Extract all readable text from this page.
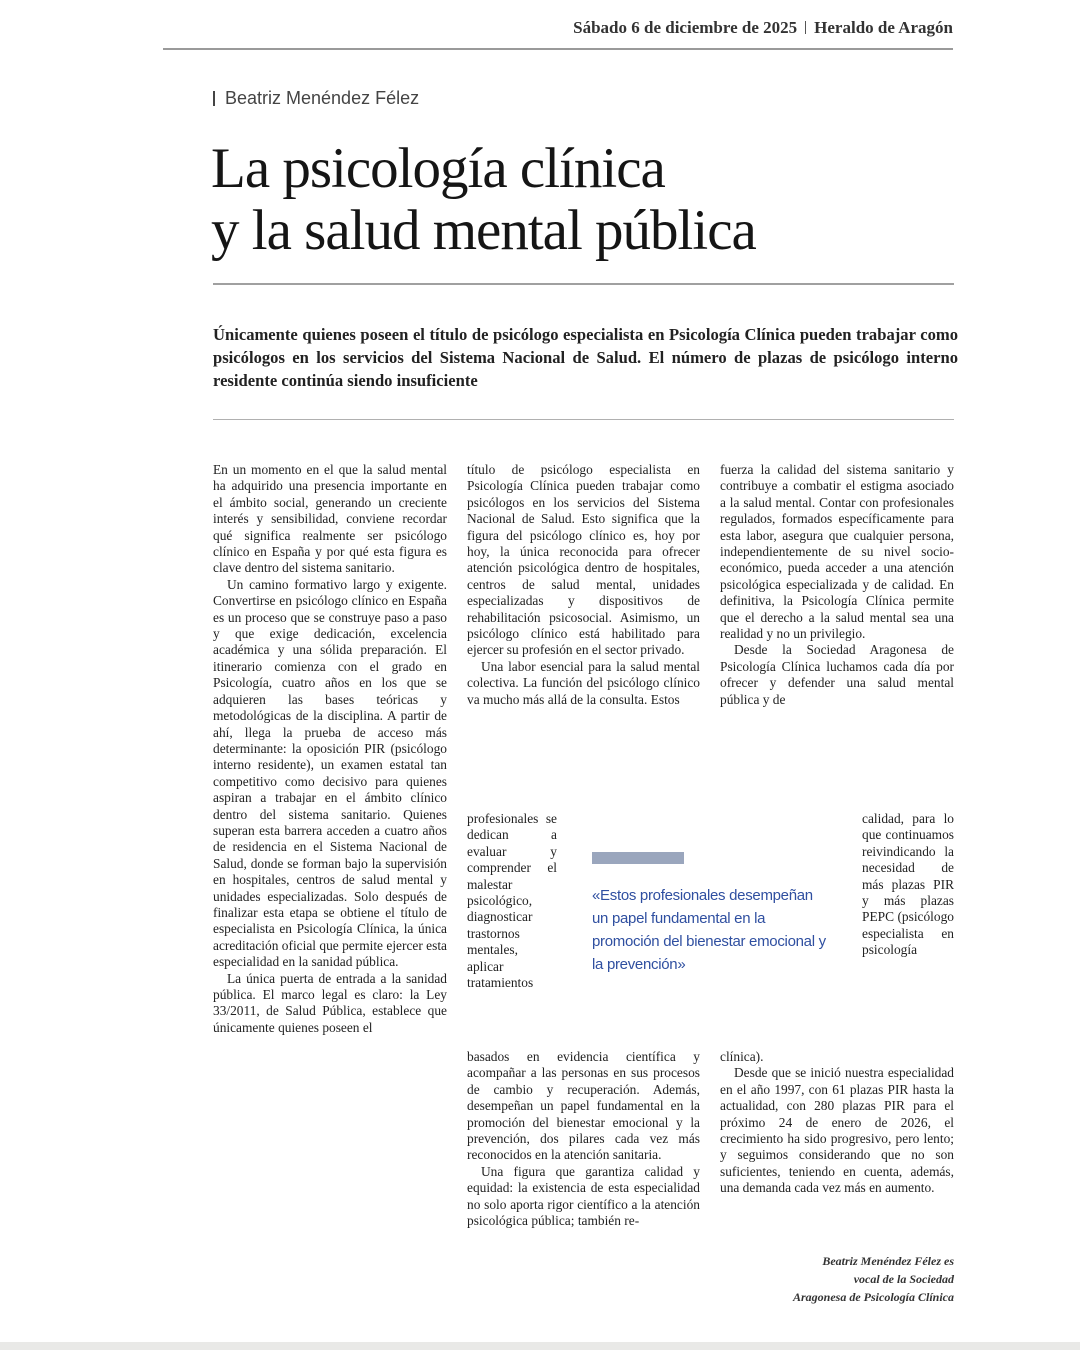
Sábado 6 de diciembre de 2025 Heraldo de Aragón
Beatriz Menéndez Félez
La psicología clínica
y la salud mental pública
Únicamente quienes poseen el título de psicólogo especialista en Psicología Clínica pueden trabajar como psicólogos en los servicios del Sistema Nacional de Salud. El número de plazas de psicólogo interno residente continúa siendo insuficiente

En un momento en el que la salud mental ha adquirido una presencia importante en el ámbito social, generando un creciente interés y sensibilidad, conviene recordar qué significa realmente ser psicólogo clínico en España y por qué esta figura es clave dentro del sistema sanitario.

Un camino formativo largo y exigente. Convertirse en psicólogo clínico en España es un proceso que se construye paso a paso y que exige dedicación, excelencia académica y una sólida preparación. El itinerario comienza con el grado en Psicología, cuatro años en los que se adquieren las bases teóricas y metodológicas de la disciplina. A partir de ahí, llega la prueba de acceso más determinante: la oposición PIR (psicólogo interno residente), un examen estatal tan competitivo como decisivo para quienes aspiran a trabajar en el ámbito clínico dentro del sistema sanitario. Quienes superan esta barrera acceden a cuatro años de residencia en el Sistema Nacional de Salud, donde se forman bajo la supervisión en hospitales, centros de salud mental y unidades especializadas. Solo después de finalizar esta etapa se obtiene el título de especialista en Psicología Clínica, la única acreditación oficial que permite ejercer esta especialidad en la sanidad pública.

La única puerta de entrada a la sanidad pública. El marco legal es claro: la Ley 33/2011, de Salud Pública, establece que únicamente quienes poseen el

título de psicólogo especialista en Psicología Clínica pueden trabajar como psicólogos en los servicios del Sistema Nacional de Salud. Esto significa que la figura del psicólogo clínico es, hoy por hoy, la única reconocida para ofrecer atención psicológica dentro de hospitales, centros de salud mental, unidades especializadas y dispositivos de rehabilitación psicosocial. Asimismo, un psicólogo clínico está habilitado para ejercer su profesión en el sector privado.

Una labor esencial para la salud mental colectiva. La función del psicólogo clínico va mucho más allá de la consulta. Estos

profesionales se dedican a evaluar y comprender el malestar psicológico, diagnosticar trastornos mentales, aplicar tratamientos
«Estos profesionales desempeñan un papel fundamental en la promoción del bienestar emocional y la prevención»

basados en evidencia científica y acompañar a las personas en sus procesos de cambio y recuperación. Además, desempeñan un papel fundamental en la promoción del bienestar emocional y la prevención, dos pilares cada vez más reconocidos en la atención sanitaria.

Una figura que garantiza calidad y equidad: la existencia de esta especialidad no solo aporta rigor científico a la atención psicológica pública; también re-

fuerza la calidad del sistema sanitario y contribuye a combatir el estigma asociado a la salud mental. Contar con profesionales regulados, formados específicamente para esta labor, asegura que cualquier persona, independientemente de su nivel socio-económico, pueda acceder a una atención psicológica especializada y de calidad. En definitiva, la Psicología Clínica permite que el derecho a la salud mental sea una realidad y no un privilegio.

Desde la Sociedad Aragonesa de Psicología Clínica luchamos cada día por ofrecer y defender una salud mental pública y de

calidad, para lo que continuamos reivindicando la necesidad de más plazas PIR y más plazas PEPC (psicólogo especialista en psicología

clínica).

Desde que se inició nuestra especialidad en el año 1997, con 61 plazas PIR hasta la actualidad, con 280 plazas PIR para el próximo 24 de enero de 2026, el crecimiento ha sido progresivo, pero lento; y seguimos considerando que no son suficientes, teniendo en cuenta, además, una demanda cada vez más en aumento.

Beatriz Menéndez Félez es
vocal de la Sociedad
Aragonesa de Psicología Clínica
